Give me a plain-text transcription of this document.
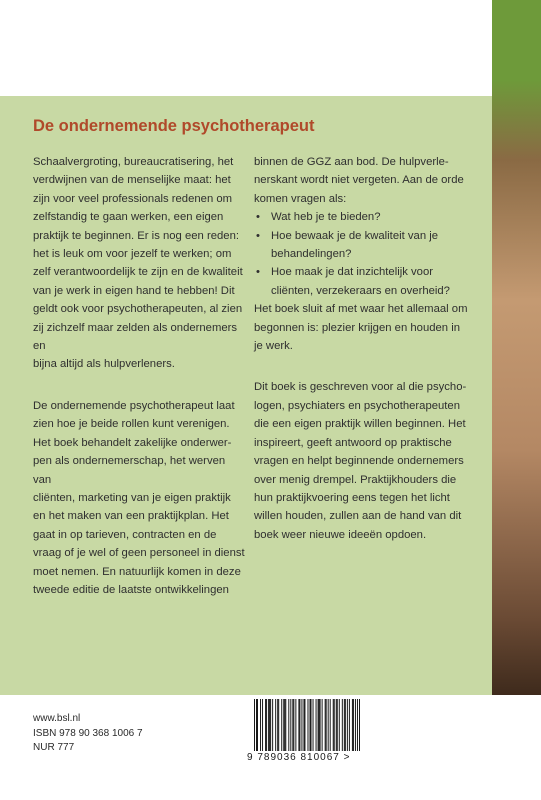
De ondernemende psychotherapeut

Schaalvergroting, bureaucratisering, het
verdwijnen van de menselijke maat: het
zijn voor veel professionals redenen om
zelfstandig te gaan werken, een eigen
praktijk te beginnen. Er is nog een reden:
het is leuk om voor jezelf te werken; om
zelf verantwoordelijk te zijn en de kwaliteit
van je werk in eigen hand te hebben! Dit
geldt ook voor psychotherapeuten, al zien
zij zichzelf maar zelden als ondernemers en
bijna altijd als hulpverleners.

De ondernemende psychotherapeut laat
zien hoe je beide rollen kunt verenigen.
Het boek behandelt zakelijke onderwer-
pen als ondernemerschap, het werven van
cliënten, marketing van je eigen praktijk
en het maken van een praktijkplan. Het
gaat in op tarieven, contracten en de
vraag of je wel of geen personeel in dienst
moet nemen. En natuurlijk komen in deze
tweede editie de laatste ontwikkelingen

binnen de GGZ aan bod. De hulpverle-
nerskant wordt niet vergeten. Aan de orde
komen vragen als:

• Wat heb je te bieden?
• Hoe bewaak je de kwaliteit van je
behandelingen?
• Hoe maak je dat inzichtelijk voor
cliënten, verzekeraars en overheid?

Het boek sluit af met waar het allemaal om
begonnen is: plezier krijgen en houden in
je werk.

Dit boek is geschreven voor al die psycho-
logen, psychiaters en psychotherapeuten
die een eigen praktijk willen beginnen. Het
inspireert, geeft antwoord op praktische
vragen en helpt beginnende ondernemers
over menig drempel. Praktijkhouders die
hun praktijkvoering eens tegen het licht
willen houden, zullen aan de hand van dit
boek weer nieuwe ideeën opdoen.

www.bsl.nl
ISBN 978 90 368 1006 7
NUR 777
9 789036 810067 >
